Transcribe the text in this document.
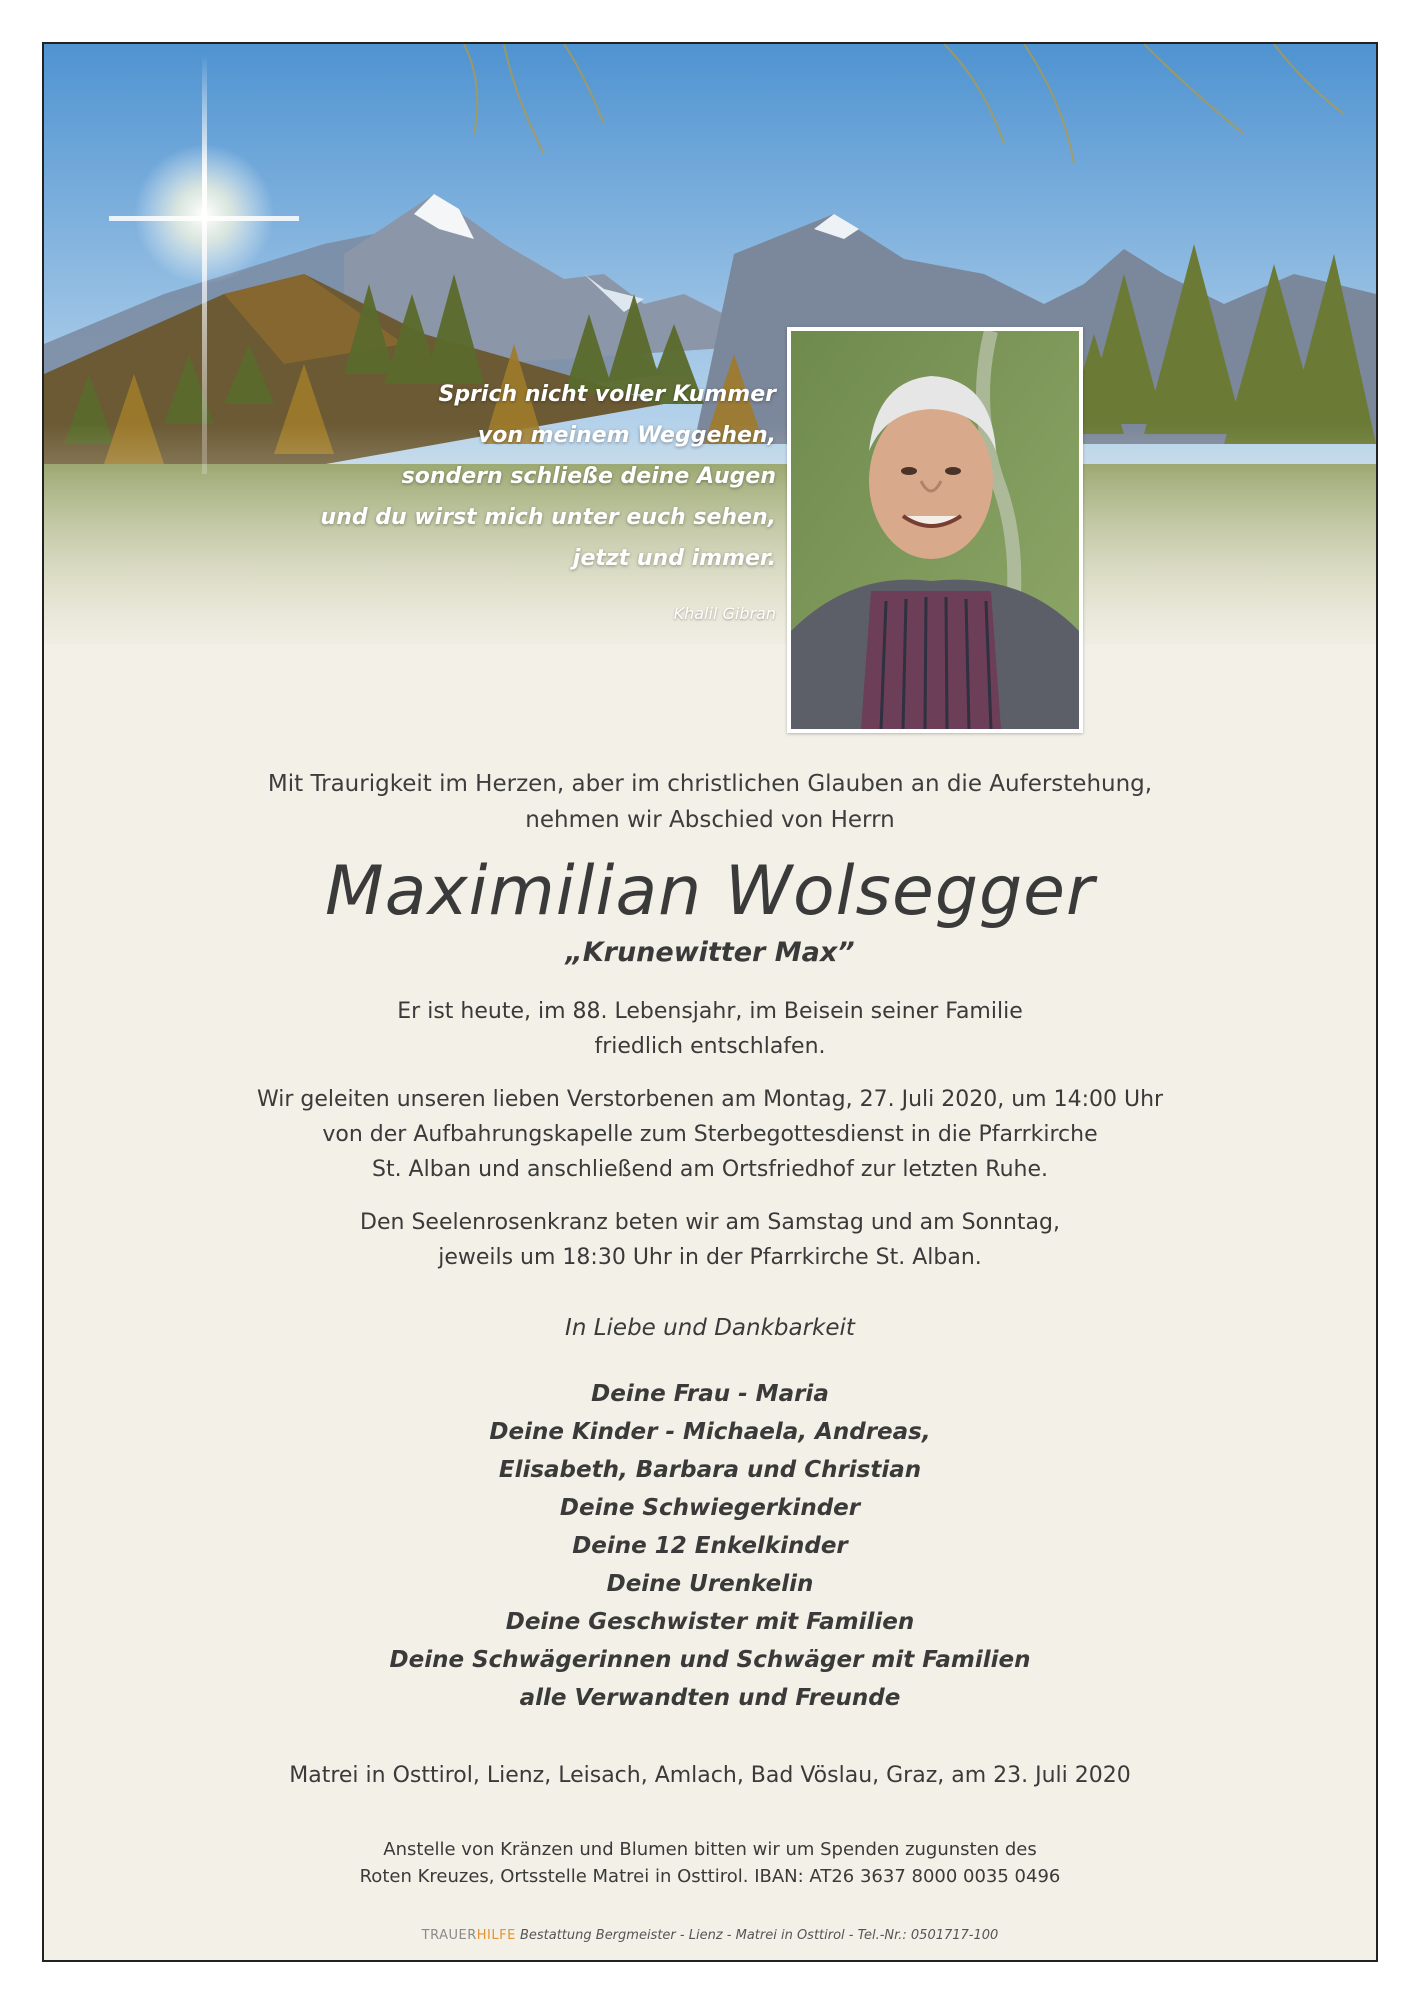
Sprich nicht voller Kummer
von meinem Weggehen,
sondern schließe deine Augen
und du wirst mich unter euch sehen,
jetzt und immer.
Khalil Gibran
Mit Traurigkeit im Herzen, aber im christlichen Glauben an die Auferstehung,
nehmen wir Abschied von Herrn
Maximilian Wolsegger
„Krunewitter Max”
Er ist heute, im 88. Lebensjahr, im Beisein seiner Familie
friedlich entschlafen.
Wir geleiten unseren lieben Verstorbenen am Montag, 27. Juli 2020, um 14:00 Uhr
von der Aufbahrungskapelle zum Sterbegottesdienst in die Pfarrkirche
St. Alban und anschließend am Ortsfriedhof zur letzten Ruhe.
Den Seelenrosenkranz beten wir am Samstag und am Sonntag,
jeweils um 18:30 Uhr in der Pfarrkirche St. Alban.
In Liebe und Dankbarkeit
Deine Frau - Maria
Deine Kinder - Michaela, Andreas,
Elisabeth, Barbara und Christian
Deine Schwiegerkinder
Deine 12 Enkelkinder
Deine Urenkelin
Deine Geschwister mit Familien
Deine Schwägerinnen und Schwäger mit Familien
alle Verwandten und Freunde
Matrei in Osttirol, Lienz, Leisach, Amlach, Bad Vöslau, Graz, am 23. Juli 2020
Anstelle von Kränzen und Blumen bitten wir um Spenden zugunsten des
Roten Kreuzes, Ortsstelle Matrei in Osttirol. IBAN: AT26 3637 8000 0035 0496
TRAUERHILFE Bestattung Bergmeister - Lienz - Matrei in Osttirol - Tel.-Nr.: 0501717-100
